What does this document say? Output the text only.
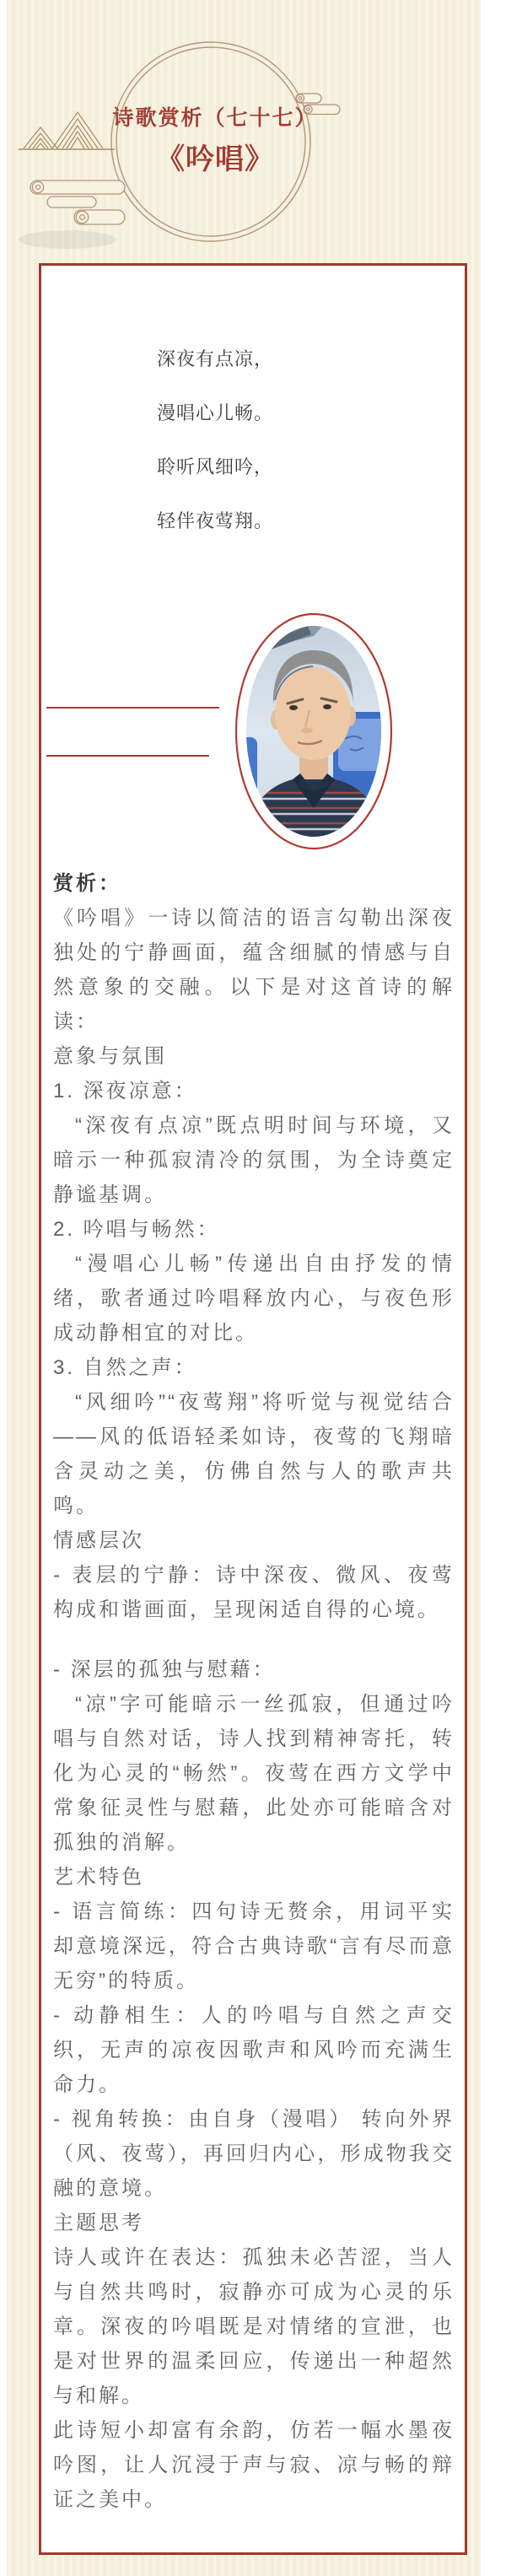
诗歌赏析（七十七）
《吟唱》
深夜有点凉，
漫唱心儿畅。
聆听风细吟，
轻伴夜莺翔。

赏析：

《吟唱》一诗以简洁的语言勾勒出深夜独处的宁静画面，蕴含细腻的情感与自然意象的交融。以下是对这首诗的解读：

意象与氛围

1. 深夜凉意：

“深夜有点凉”既点明时间与环境，又暗示一种孤寂清冷的氛围，为全诗奠定静谧基调。

2. 吟唱与畅然：

“漫唱心儿畅”传递出自由抒发的情绪，歌者通过吟唱释放内心，与夜色形成动静相宜的对比。

3. 自然之声：

“风细吟”“夜莺翔”将听觉与视觉结合——风的低语轻柔如诗，夜莺的飞翔暗含灵动之美，仿佛自然与人的歌声共鸣。

情感层次

- 表层的宁静：诗中深夜、微风、夜莺构成和谐画面，呈现闲适自得的心境。

- 深层的孤独与慰藉：

“凉”字可能暗示一丝孤寂，但通过吟唱与自然对话，诗人找到精神寄托，转化为心灵的“畅然”。夜莺在西方文学中常象征灵性与慰藉，此处亦可能暗含对孤独的消解。

艺术特色

- 语言简练：四句诗无赘余，用词平实却意境深远，符合古典诗歌“言有尽而意无穷”的特质。

- 动静相生：人的吟唱与自然之声交织，无声的凉夜因歌声和风吟而充满生命力。

- 视角转换：由自身（漫唱） 转向外界（风、夜莺），再回归内心，形成物我交融的意境。

主题思考

诗人或许在表达：孤独未必苦涩，当人与自然共鸣时，寂静亦可成为心灵的乐章。深夜的吟唱既是对情绪的宣泄，也是对世界的温柔回应，传递出一种超然与和解。

此诗短小却富有余韵，仿若一幅水墨夜吟图，让人沉浸于声与寂、凉与畅的辩证之美中。
